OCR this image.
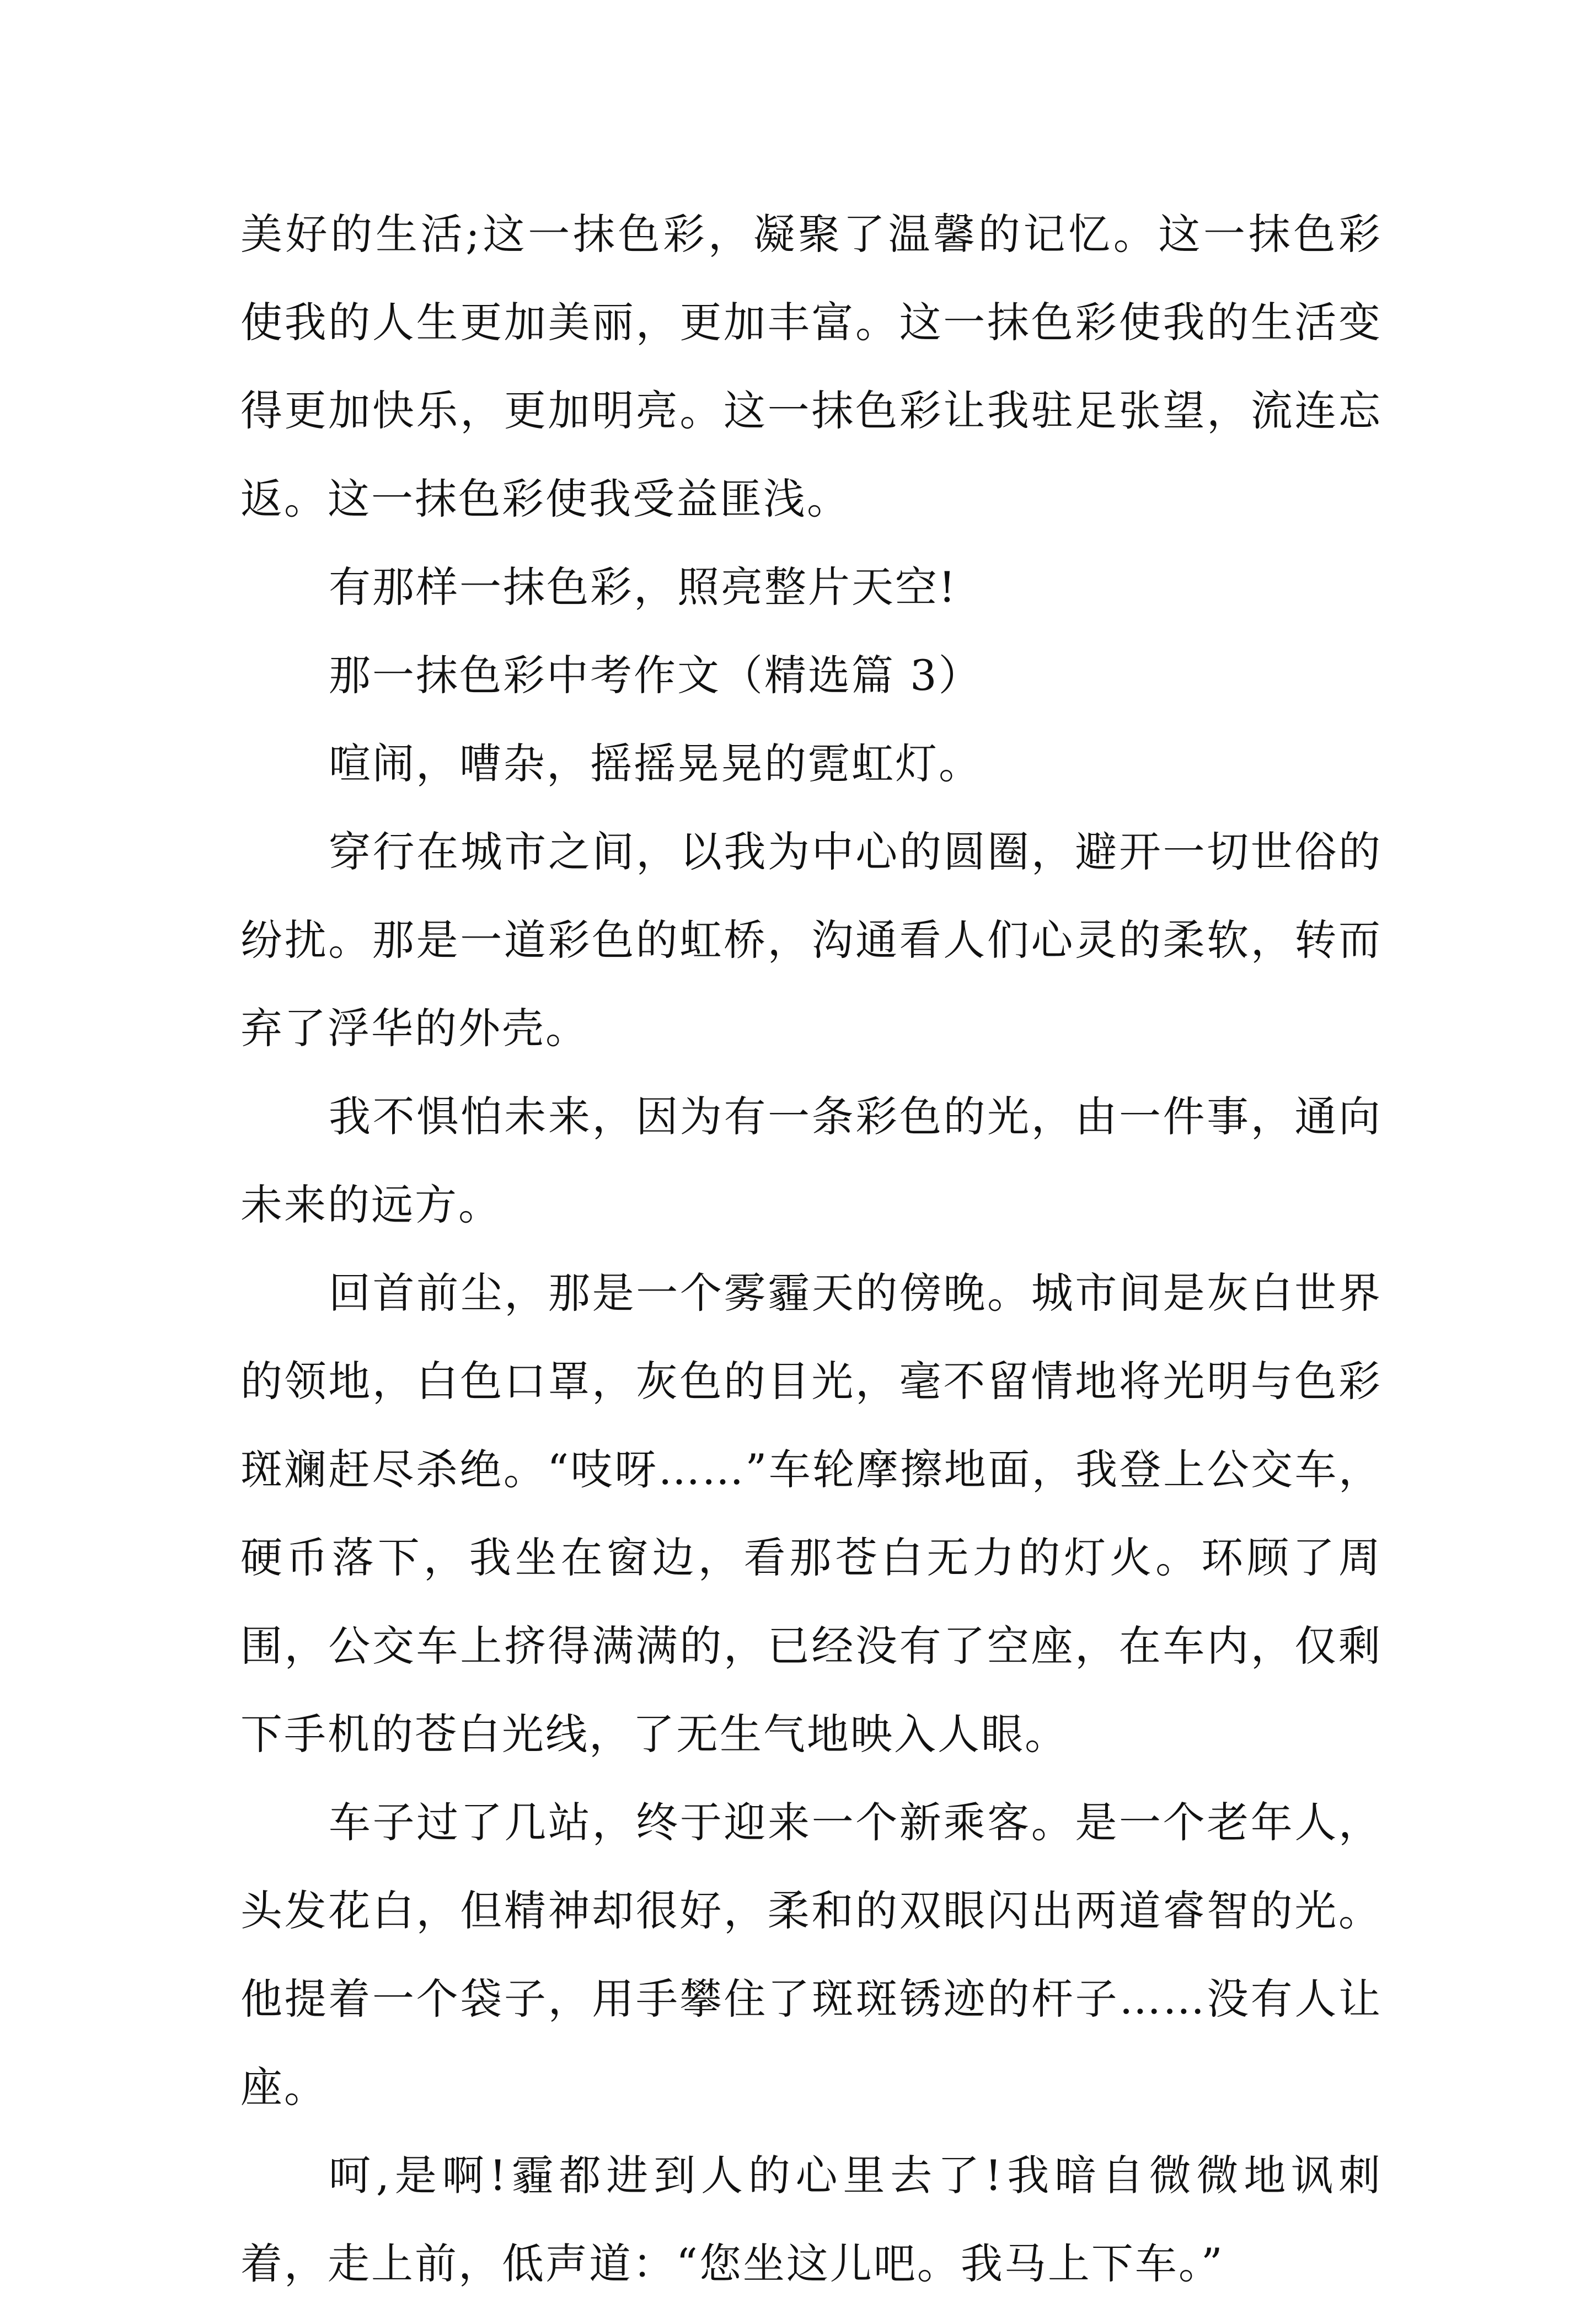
美好的生活;这一抹色彩，凝聚了温馨的记忆。这一抹色彩使我的人生更加美丽，更加丰富。这一抹色彩使我的生活变得更加快乐，更加明亮。这一抹色彩让我驻足张望，流连忘返。这一抹色彩使我受益匪浅。

有那样一抹色彩，照亮整片天空!

那一抹色彩中考作文（精选篇 3）

喧闹，嘈杂，摇摇晃晃的霓虹灯。

穿行在城市之间，以我为中心的圆圈，避开一切世俗的纷扰。那是一道彩色的虹桥，沟通看人们心灵的柔软，转而弃了浮华的外壳。

我不惧怕未来，因为有一条彩色的光，由一件事，通向未来的远方。

回首前尘，那是一个雾霾天的傍晚。城市间是灰白世界的领地，白色口罩，灰色的目光，毫不留情地将光明与色彩斑斓赶尽杀绝。“吱呀……”车轮摩擦地面，我登上公交车，硬币落下，我坐在窗边，看那苍白无力的灯火。环顾了周围，公交车上挤得满满的，已经没有了空座，在车内，仅剩下手机的苍白光线，了无生气地映入人眼。

车子过了几站，终于迎来一个新乘客。是一个老年人，头发花白，但精神却很好，柔和的双眼闪出两道睿智的光。他提着一个袋子，用手攀住了斑斑锈迹的杆子……没有人让座。

呵,是啊!霾都进到人的心里去了!我暗自微微地讽刺着，走上前，低声道：“您坐这儿吧。我马上下车。”
